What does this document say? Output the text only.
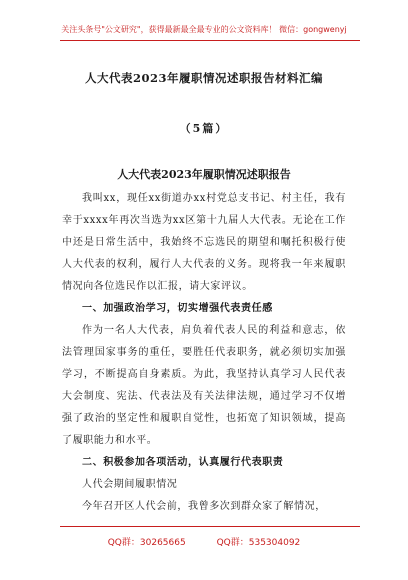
关注头条号"公文研究"，获得最新最全最专业的公文资料库！ 微信：gongwenyj
人大代表2023年履职情况述职报告材料汇编
（5篇）
人大代表2023年履职情况述职报告

我叫xx，现任xx街道办xx村党总支书记、村主任，我有幸于xxxx年再次当选为xx区第十九届人大代表。无论在工作中还是日常生活中，我始终不忘选民的期望和嘱托积极行使人大代表的权利，履行人大代表的义务。现将我一年来履职情况向各位选民作以汇报，请大家评议。

一、加强政治学习，切实增强代表责任感

作为一名人大代表，肩负着代表人民的利益和意志，依法管理国家事务的重任，要胜任代表职务，就必须切实加强学习，不断提高自身素质。为此，我坚持认真学习人民代表大会制度、宪法、代表法及有关法律法规，通过学习不仅增强了政治的坚定性和履职自觉性，也拓宽了知识领域，提高了履职能力和水平。

二、积极参加各项活动，认真履行代表职责

人代会期间履职情况

今年召开区人代会前，我曾多次到群众家了解情况，

QQ群：30265665	QQ群：535304092
